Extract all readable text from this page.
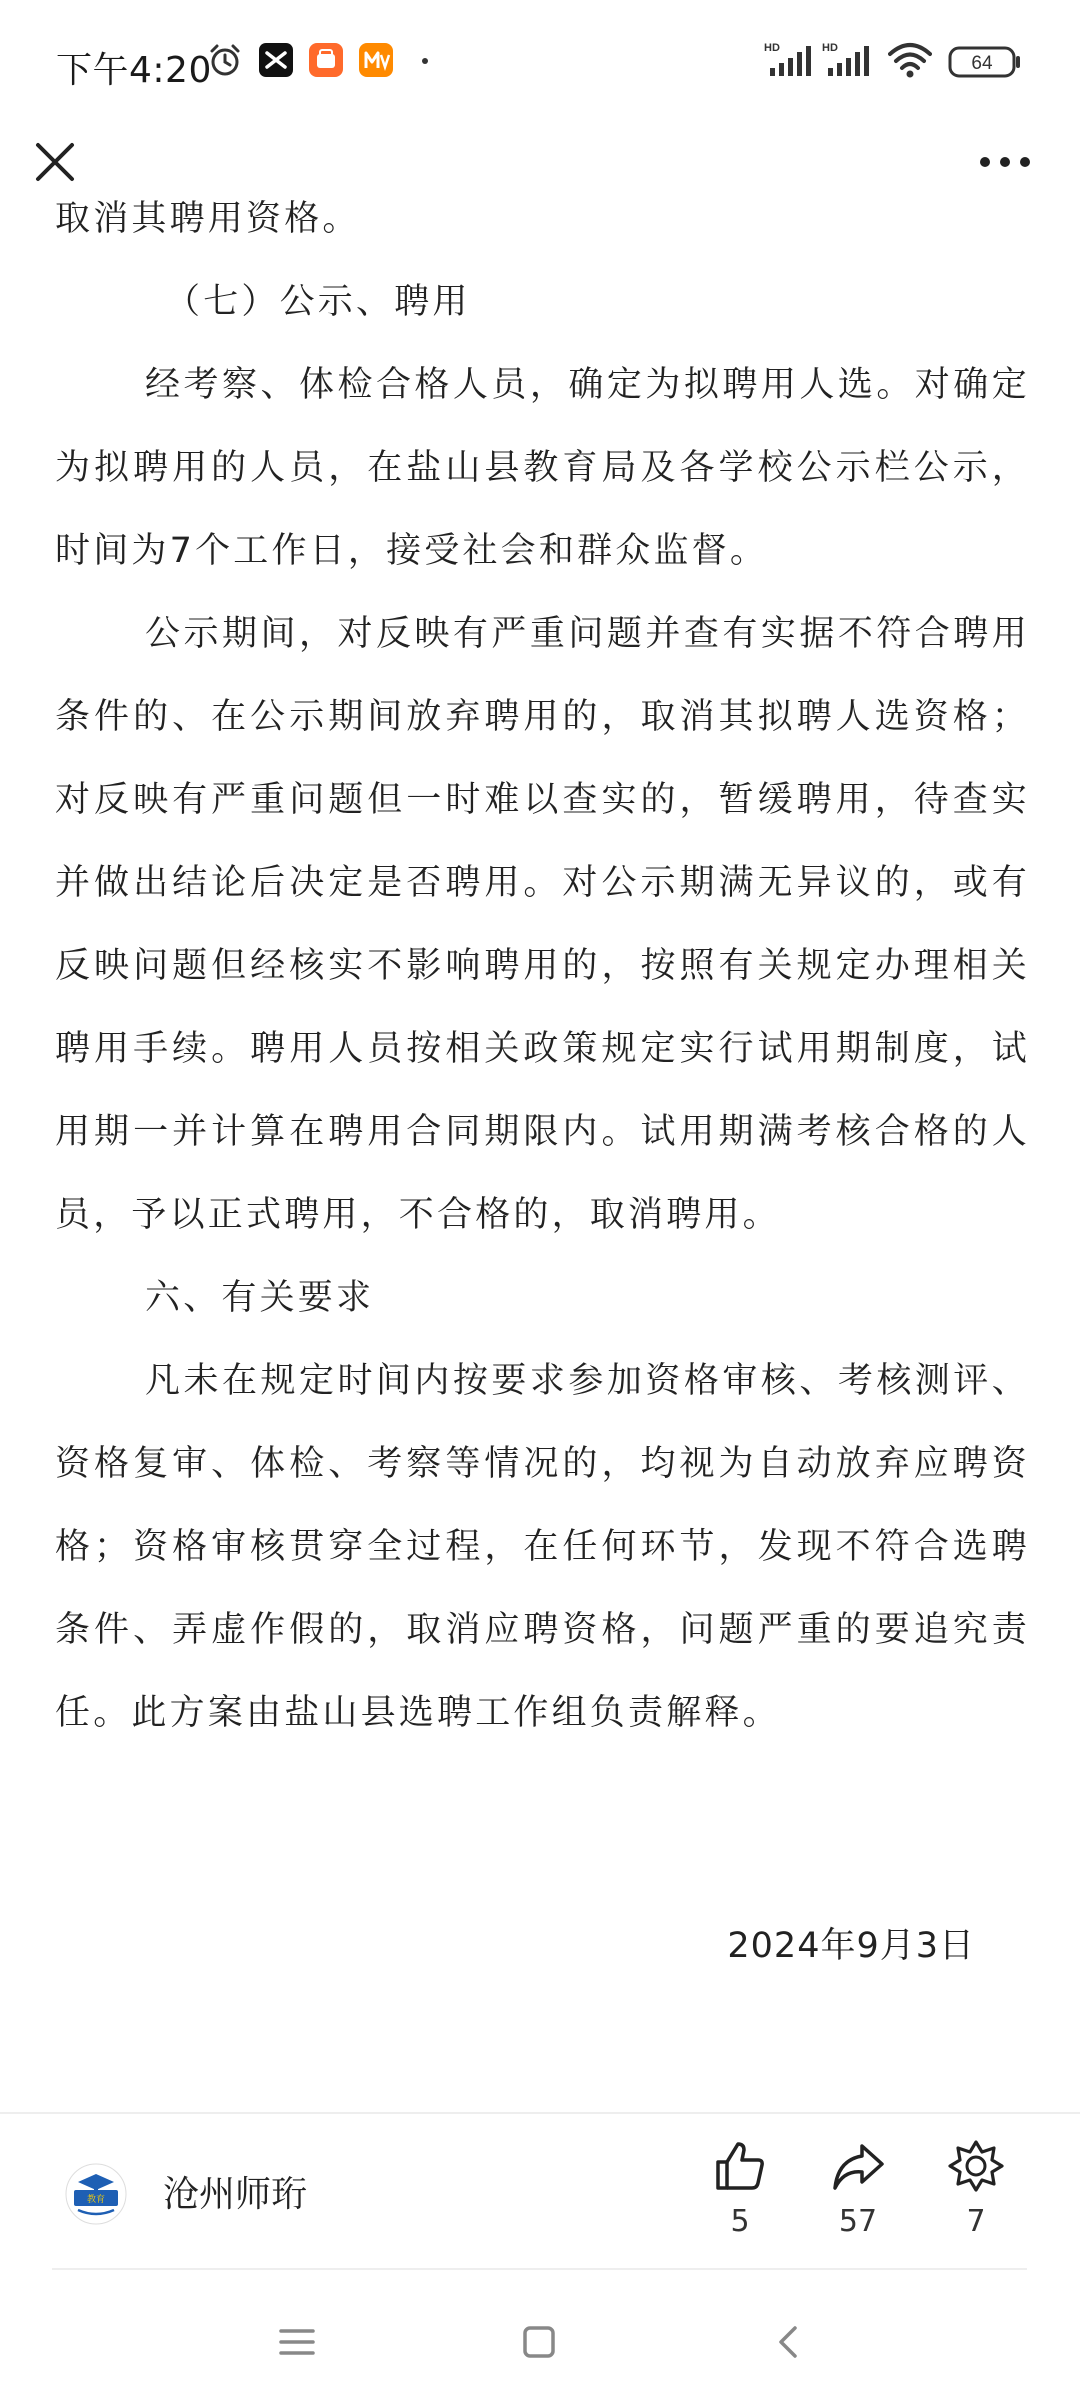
下午4:20
HD	HD
64

取消其聘用资格。

（七）公示、聘用

经考察、体检合格人员，确定为拟聘用人选。对确定为拟聘用的人员，在盐山县教育局及各学校公示栏公示，时间为7个工作日，接受社会和群众监督。

公示期间，对反映有严重问题并查有实据不符合聘用条件的、在公示期间放弃聘用的，取消其拟聘人选资格；对反映有严重问题但一时难以查实的，暂缓聘用，待查实并做出结论后决定是否聘用。对公示期满无异议的，或有反映问题但经核实不影响聘用的，按照有关规定办理相关聘用手续。聘用人员按相关政策规定实行试用期制度，试用期一并计算在聘用合同期限内。试用期满考核合格的人员，予以正式聘用，不合格的，取消聘用。

六、有关要求

凡未在规定时间内按要求参加资格审核、考核测评、资格复审、体检、考察等情况的，均视为自动放弃应聘资格；资格审核贯穿全过程，在任何环节，发现不符合选聘条件、弄虚作假的，取消应聘资格，问题严重的要追究责任。此方案由盐山县选聘工作组负责解释。

2024年9月3日

教育 沧州师珩
5	57	7
